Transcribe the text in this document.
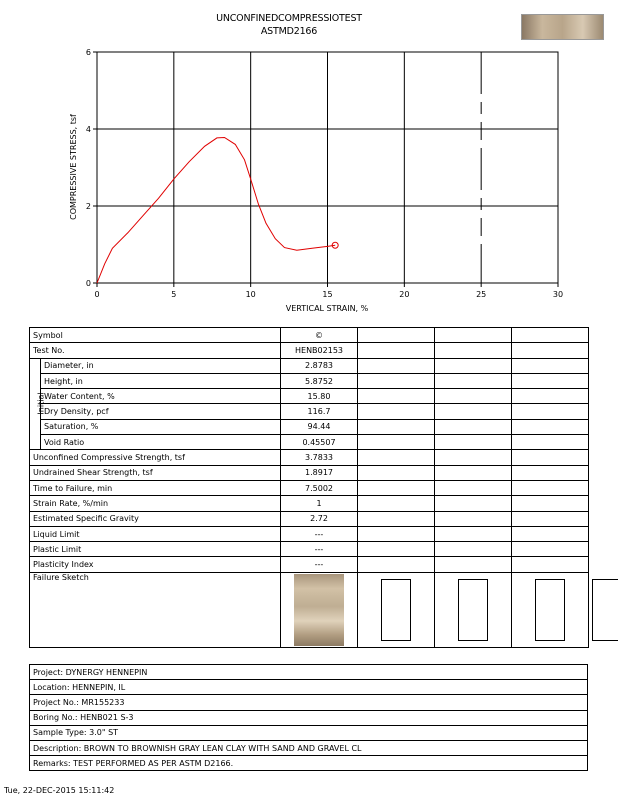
UNCONFINEDCOMPRESSIOTEST
ASTMD2166
0	5	10	15	20	25	30
0
2
4
6
VERTICAL STRAIN, %
COMPRESSIVE STRESS, tsf
Symbol		©				
Test No.		HENB02153				
Initial	Diameter, in	2.8783				
	Height, in	5.8752				
	Water Content, %	15.80				
	Dry Density, pcf	116.7				
	Saturation, %	94.44				
	Void Ratio	0.45507				
Unconfined Compressive Strength, tsf		3.7833				
Undrained Shear Strength, tsf		1.8917				
Time to Failure, min		7.5002				
Strain Rate, %/min		1				
Estimated Specific Gravity		2.72				
Liquid Limit		---				
Plastic Limit		---				
Plasticity Index		---				
Failure Sketch		

Project: DYNERGY HENNEPIN
Location: HENNEPIN, IL
Project No.: MR155233
Boring No.: HENB021 S-3
Sample Type: 3.0" ST
Description: BROWN TO BROWNISH GRAY LEAN CLAY WITH SAND AND GRAVEL CL
Remarks: TEST PERFORMED AS PER ASTM D2166.
Tue, 22-DEC-2015 15:11:42
